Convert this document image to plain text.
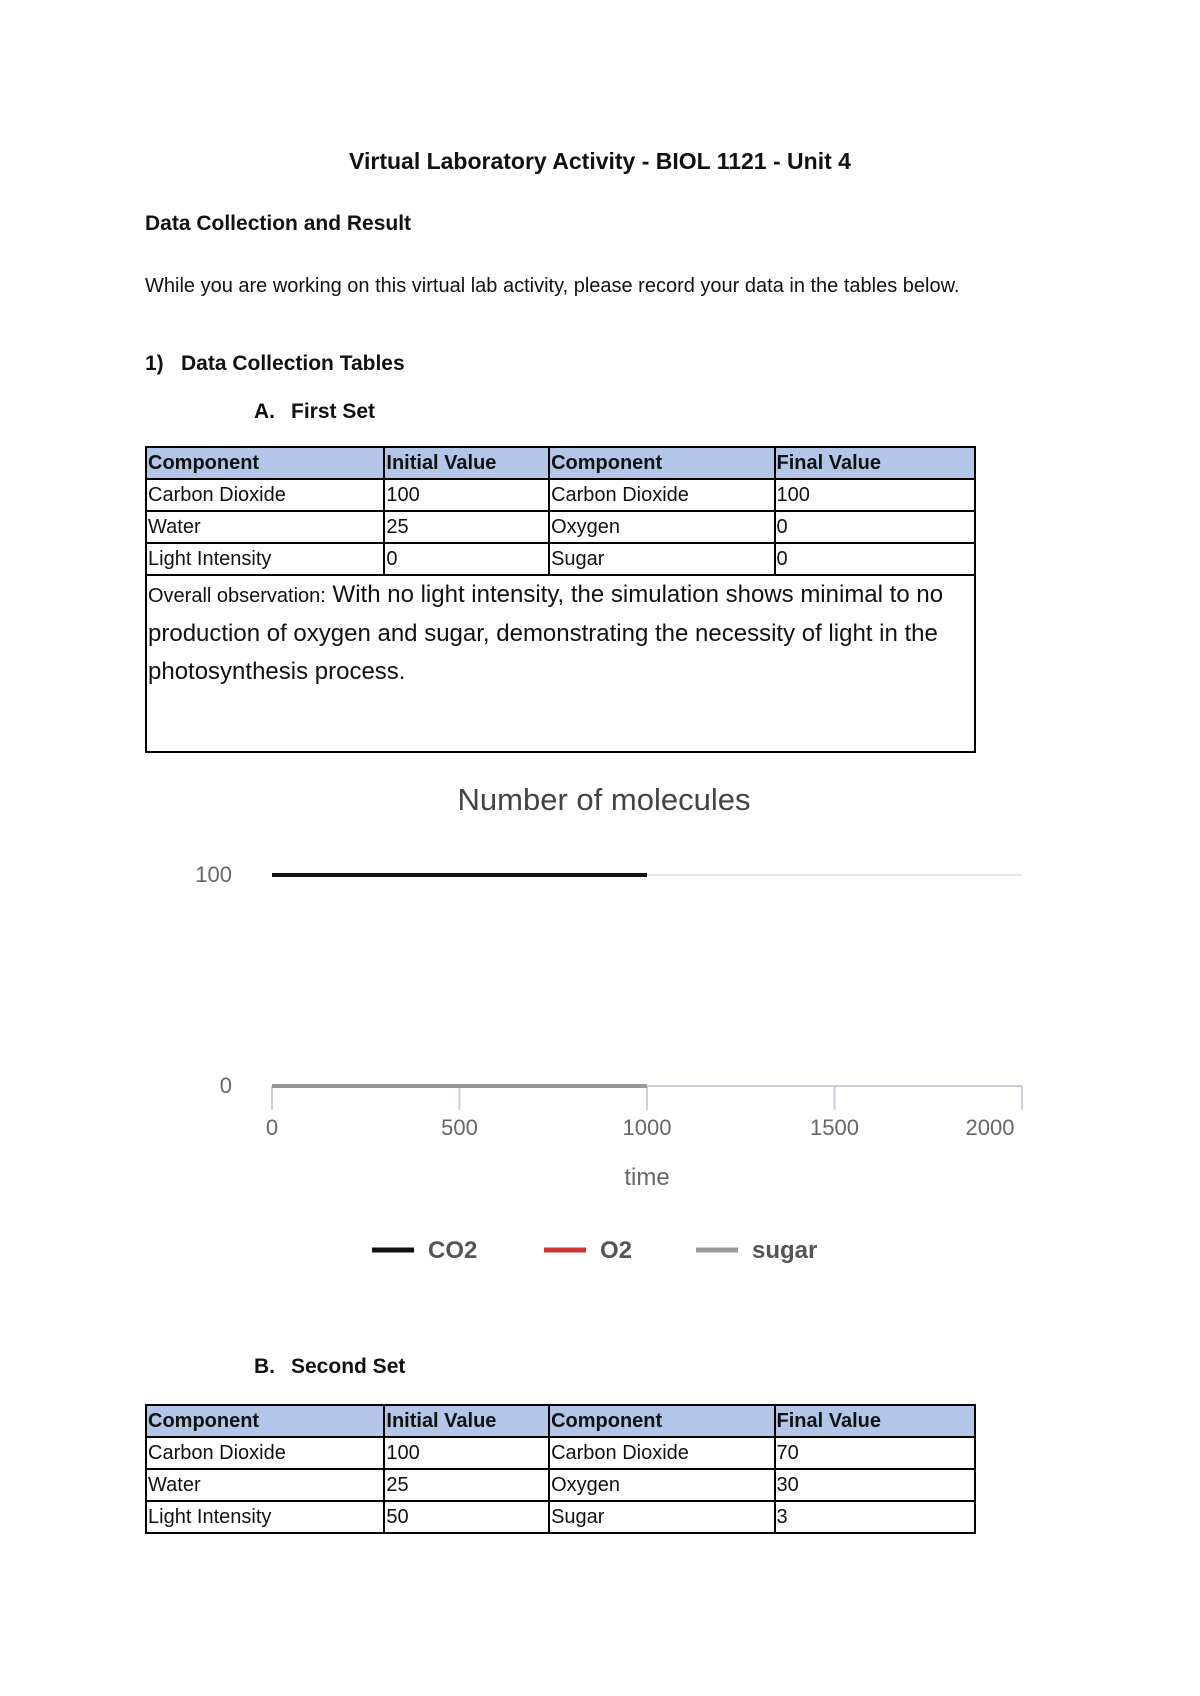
Virtual Laboratory Activity - BIOL 1121 - Unit 4
Data Collection and Result
While you are working on this virtual lab activity, please record your data in the tables below.
1) Data Collection Tables
A. First Set
Component	Initial Value	Component	Final Value
Carbon Dioxide	100	Carbon Dioxide	100
Water	25	Oxygen	0
Light Intensity	0	Sugar	0
Overall observation: With no light intensity, the simulation shows minimal to no production of oxygen and sugar, demonstrating the necessity of light in the photosynthesis process.			
Number of molecules
100
0
0	500	1000	1500	2000
time
CO2	O2	sugar
B. Second Set
Component	Initial Value	Component	Final Value
Carbon Dioxide	100	Carbon Dioxide	70
Water	25	Oxygen	30
Light Intensity	50	Sugar	3
